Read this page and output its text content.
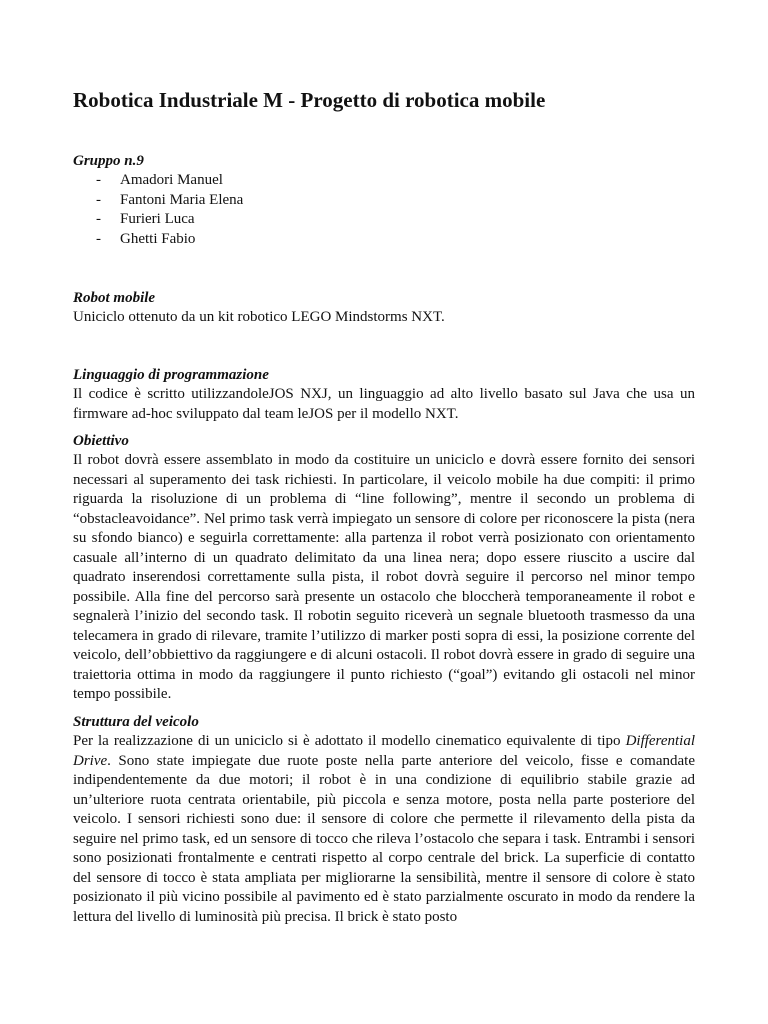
Robotica Industriale M - Progetto di robotica mobile
Gruppo n.9
- Amadori Manuel
- Fantoni Maria Elena
- Furieri Luca
- Ghetti Fabio
Robot mobile

Uniciclo ottenuto da un kit robotico LEGO Mindstorms NXT.

Linguaggio di programmazione

Il codice è scritto utilizzandoleJOS NXJ, un linguaggio ad alto livello basato sul Java che usa un firmware ad-hoc sviluppato dal team leJOS per il modello NXT.

Obiettivo

Il robot dovrà essere assemblato in modo da costituire un uniciclo e dovrà essere fornito dei sensori necessari al superamento dei task richiesti. In particolare, il veicolo mobile ha due compiti: il primo riguarda la risoluzione di un problema di “line following”, mentre il secondo un problema di “obstacleavoidance”. Nel primo task verrà impiegato un sensore di colore per riconoscere la pista (nera su sfondo bianco) e seguirla correttamente: alla partenza il robot verrà posizionato con orientamento casuale all’interno di un quadrato delimitato da una linea nera; dopo essere riuscito a uscire dal quadrato inserendosi correttamente sulla pista, il robot dovrà seguire il percorso nel minor tempo possibile. Alla fine del percorso sarà presente un ostacolo che bloccherà temporaneamente il robot e segnalerà l’inizio del secondo task. Il robotin seguito riceverà un segnale bluetooth trasmesso da una telecamera in grado di rilevare, tramite l’utilizzo di marker posti sopra di essi, la posizione corrente del veicolo, dell’obbiettivo da raggiungere e di alcuni ostacoli. Il robot dovrà essere in grado di seguire una traiettoria ottima in modo da raggiungere il punto richiesto (“goal”) evitando gli ostacoli nel minor tempo possibile.

Struttura del veicolo

Per la realizzazione di un uniciclo si è adottato il modello cinematico equivalente di tipo Differential Drive. Sono state impiegate due ruote poste nella parte anteriore del veicolo, fisse e comandate indipendentemente da due motori; il robot è in una condizione di equilibrio stabile grazie ad un’ulteriore ruota centrata orientabile, più piccola e senza motore, posta nella parte posteriore del veicolo. I sensori richiesti sono due: il sensore di colore che permette il rilevamento della pista da seguire nel primo task, ed un sensore di tocco che rileva l’ostacolo che separa i task. Entrambi i sensori sono posizionati frontalmente e centrati rispetto al corpo centrale del brick. La superficie di contatto del sensore di tocco è stata ampliata per migliorarne la sensibilità, mentre il sensore di colore è stato posizionato il più vicino possibile al pavimento ed è stato parzialmente oscurato in modo da rendere la lettura del livello di luminosità più precisa. Il brick è stato posto
